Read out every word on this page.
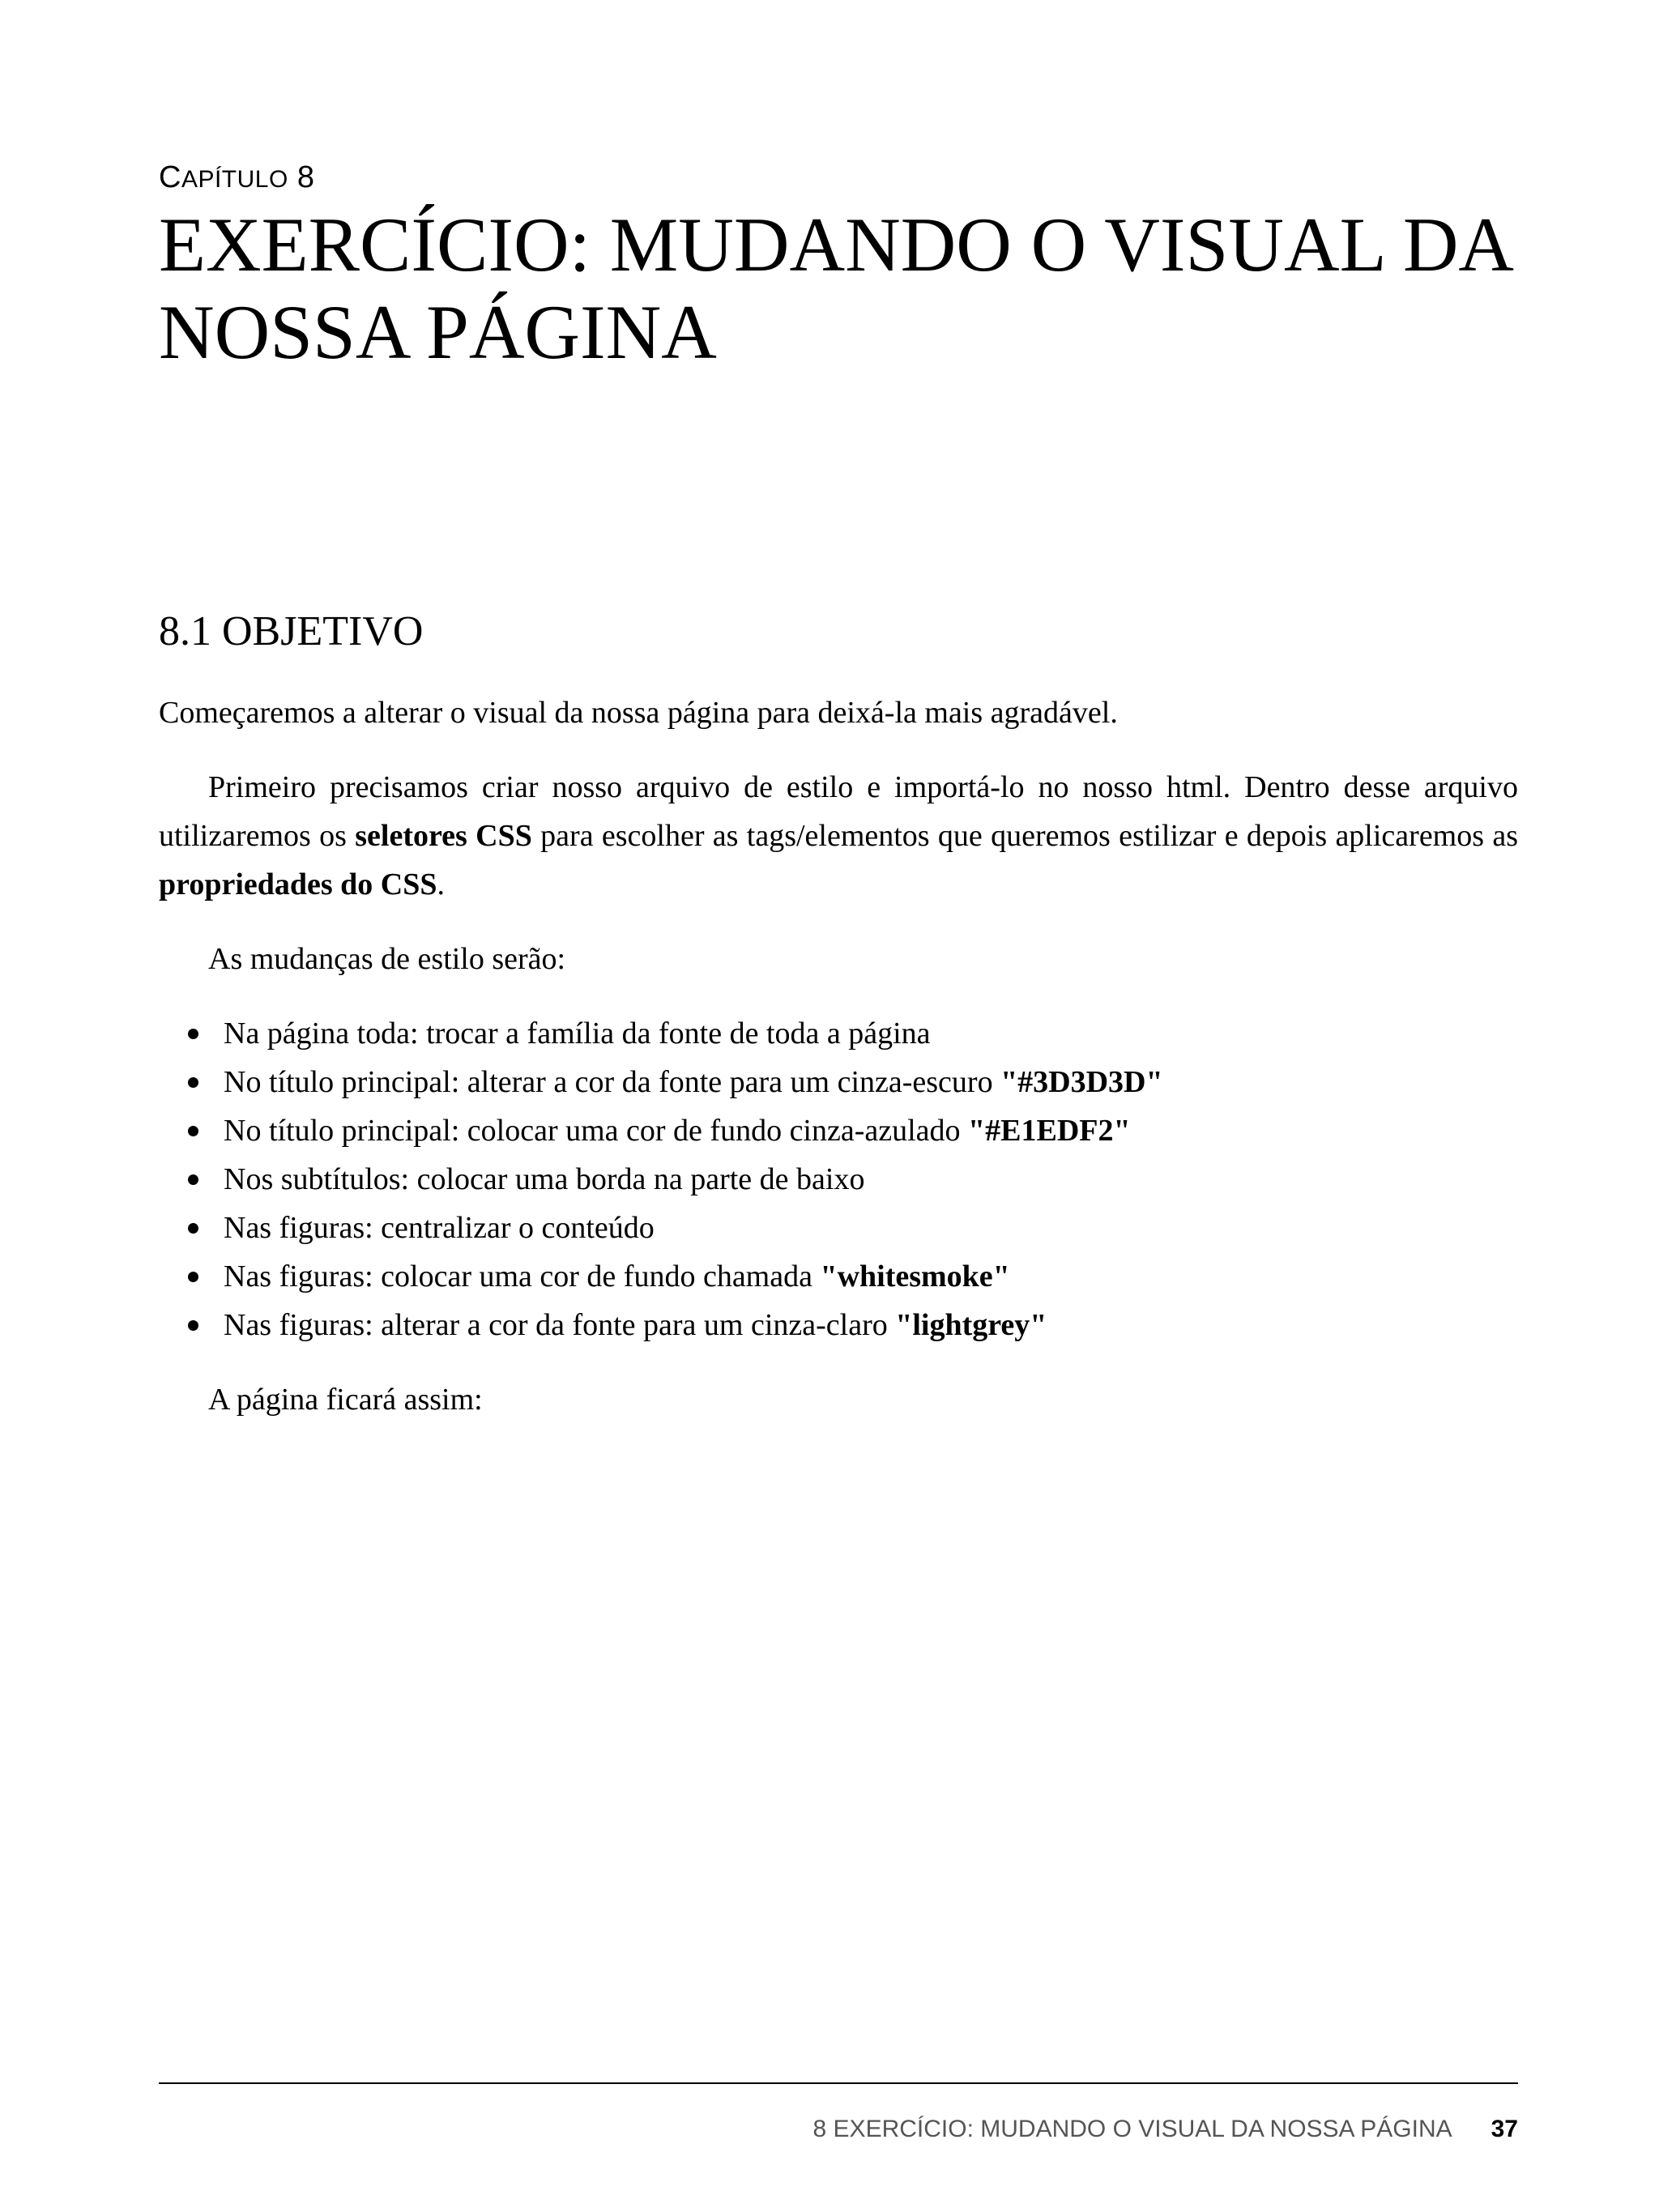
CAPÍTULO 8
EXERCÍCIO: MUDANDO O VISUAL DA NOSSA PÁGINA
8.1 OBJETIVO

Começaremos a alterar o visual da nossa página para deixá-la mais agradável.

Primeiro precisamos criar nosso arquivo de estilo e importá-lo no nosso html. Dentro desse arquivo utilizaremos os seletores CSS para escolher as tags/elementos que queremos estilizar e depois aplicaremos as propriedades do CSS.

As mudanças de estilo serão:

Na página toda: trocar a família da fonte de toda a página
No título principal: alterar a cor da fonte para um cinza-escuro "#3D3D3D"
No título principal: colocar uma cor de fundo cinza-azulado "#E1EDF2"
Nos subtítulos: colocar uma borda na parte de baixo
Nas figuras: centralizar o conteúdo
Nas figuras: colocar uma cor de fundo chamada "whitesmoke"
Nas figuras: alterar a cor da fonte para um cinza-claro "lightgrey"

A página ficará assim:

8 EXERCÍCIO: MUDANDO O VISUAL DA NOSSA PÁGINA 37
